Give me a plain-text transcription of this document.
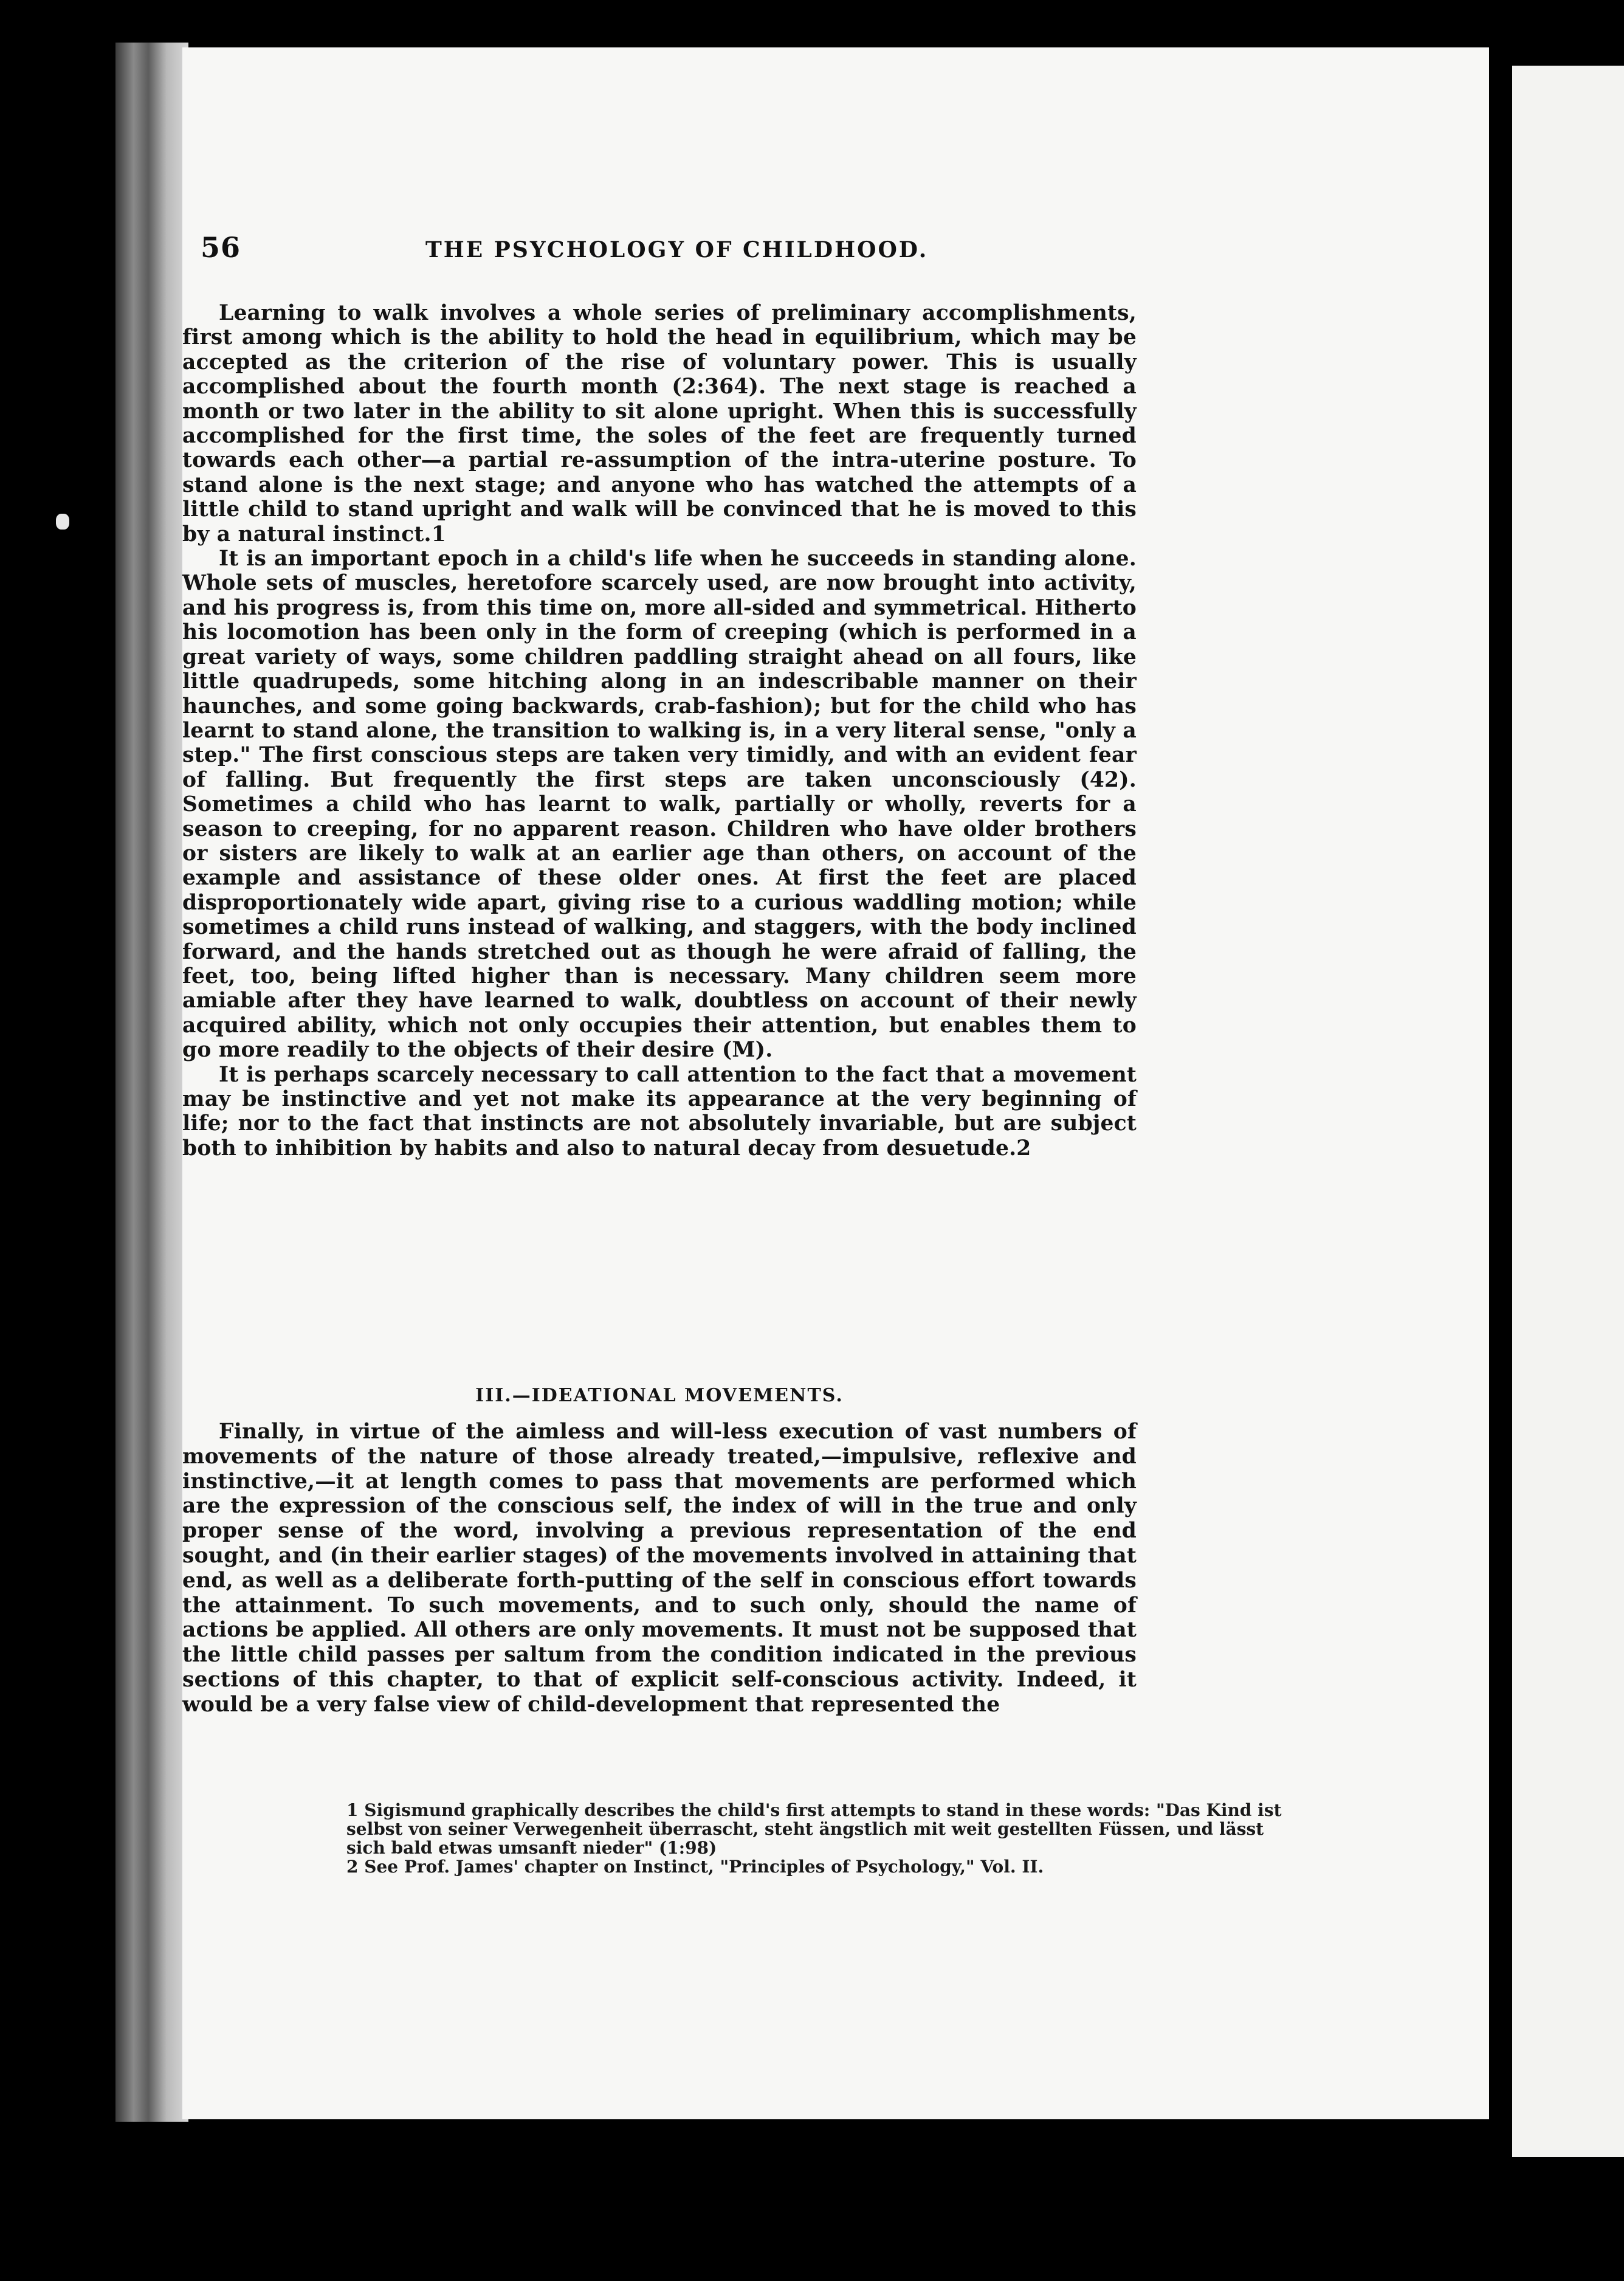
56	THE PSYCHOLOGY OF CHILDHOOD.

Learning to walk involves a whole series of preliminary accomplishments, first among which is the ability to hold the head in equilibrium, which may be accepted as the criterion of the rise of voluntary power. This is usually accomplished about the fourth month (2:364). The next stage is reached a month or two later in the ability to sit alone upright. When this is successfully accomplished for the first time, the soles of the feet are frequently turned towards each other—a partial re-assumption of the intra-uterine posture. To stand alone is the next stage; and anyone who has watched the attempts of a little child to stand upright and walk will be convinced that he is moved to this by a natural instinct.1

It is an important epoch in a child's life when he succeeds in standing alone. Whole sets of muscles, heretofore scarcely used, are now brought into activity, and his progress is, from this time on, more all-sided and symmetrical. Hitherto his locomotion has been only in the form of creeping (which is performed in a great variety of ways, some children paddling straight ahead on all fours, like little quadrupeds, some hitching along in an indescribable manner on their haunches, and some going backwards, crab-fashion); but for the child who has learnt to stand alone, the transition to walking is, in a very literal sense, "only a step." The first conscious steps are taken very timidly, and with an evident fear of falling. But frequently the first steps are taken unconsciously (42). Sometimes a child who has learnt to walk, partially or wholly, reverts for a season to creeping, for no apparent reason. Children who have older brothers or sisters are likely to walk at an earlier age than others, on account of the example and assistance of these older ones. At first the feet are placed disproportionately wide apart, giving rise to a curious waddling motion; while sometimes a child runs instead of walking, and staggers, with the body inclined forward, and the hands stretched out as though he were afraid of falling, the feet, too, being lifted higher than is necessary. Many children seem more amiable after they have learned to walk, doubtless on account of their newly acquired ability, which not only occupies their attention, but enables them to go more readily to the objects of their desire (M).

It is perhaps scarcely necessary to call attention to the fact that a movement may be instinctive and yet not make its appearance at the very beginning of life; nor to the fact that instincts are not absolutely invariable, but are subject both to inhibition by habits and also to natural decay from desuetude.2

III.—IDEATIONAL MOVEMENTS.

Finally, in virtue of the aimless and will-less execution of vast numbers of movements of the nature of those already treated,—impulsive, reflexive and instinctive,—it at length comes to pass that movements are performed which are the expression of the conscious self, the index of will in the true and only proper sense of the word, involving a previous representation of the end sought, and (in their earlier stages) of the movements involved in attaining that end, as well as a deliberate forth-putting of the self in conscious effort towards the attainment. To such movements, and to such only, should the name of actions be applied. All others are only movements. It must not be supposed that the little child passes per saltum from the condition indicated in the previous sections of this chapter, to that of explicit self-conscious activity. Indeed, it would be a very false view of child-development that represented the

1 Sigismund graphically describes the child's first attempts to stand in these words: "Das Kind ist selbst von seiner Verwegenheit überrascht, steht ängstlich mit weit gestellten Füssen, und lässt sich bald etwas umsanft nieder" (1:98)

2 See Prof. James' chapter on Instinct, "Principles of Psychology," Vol. II.
